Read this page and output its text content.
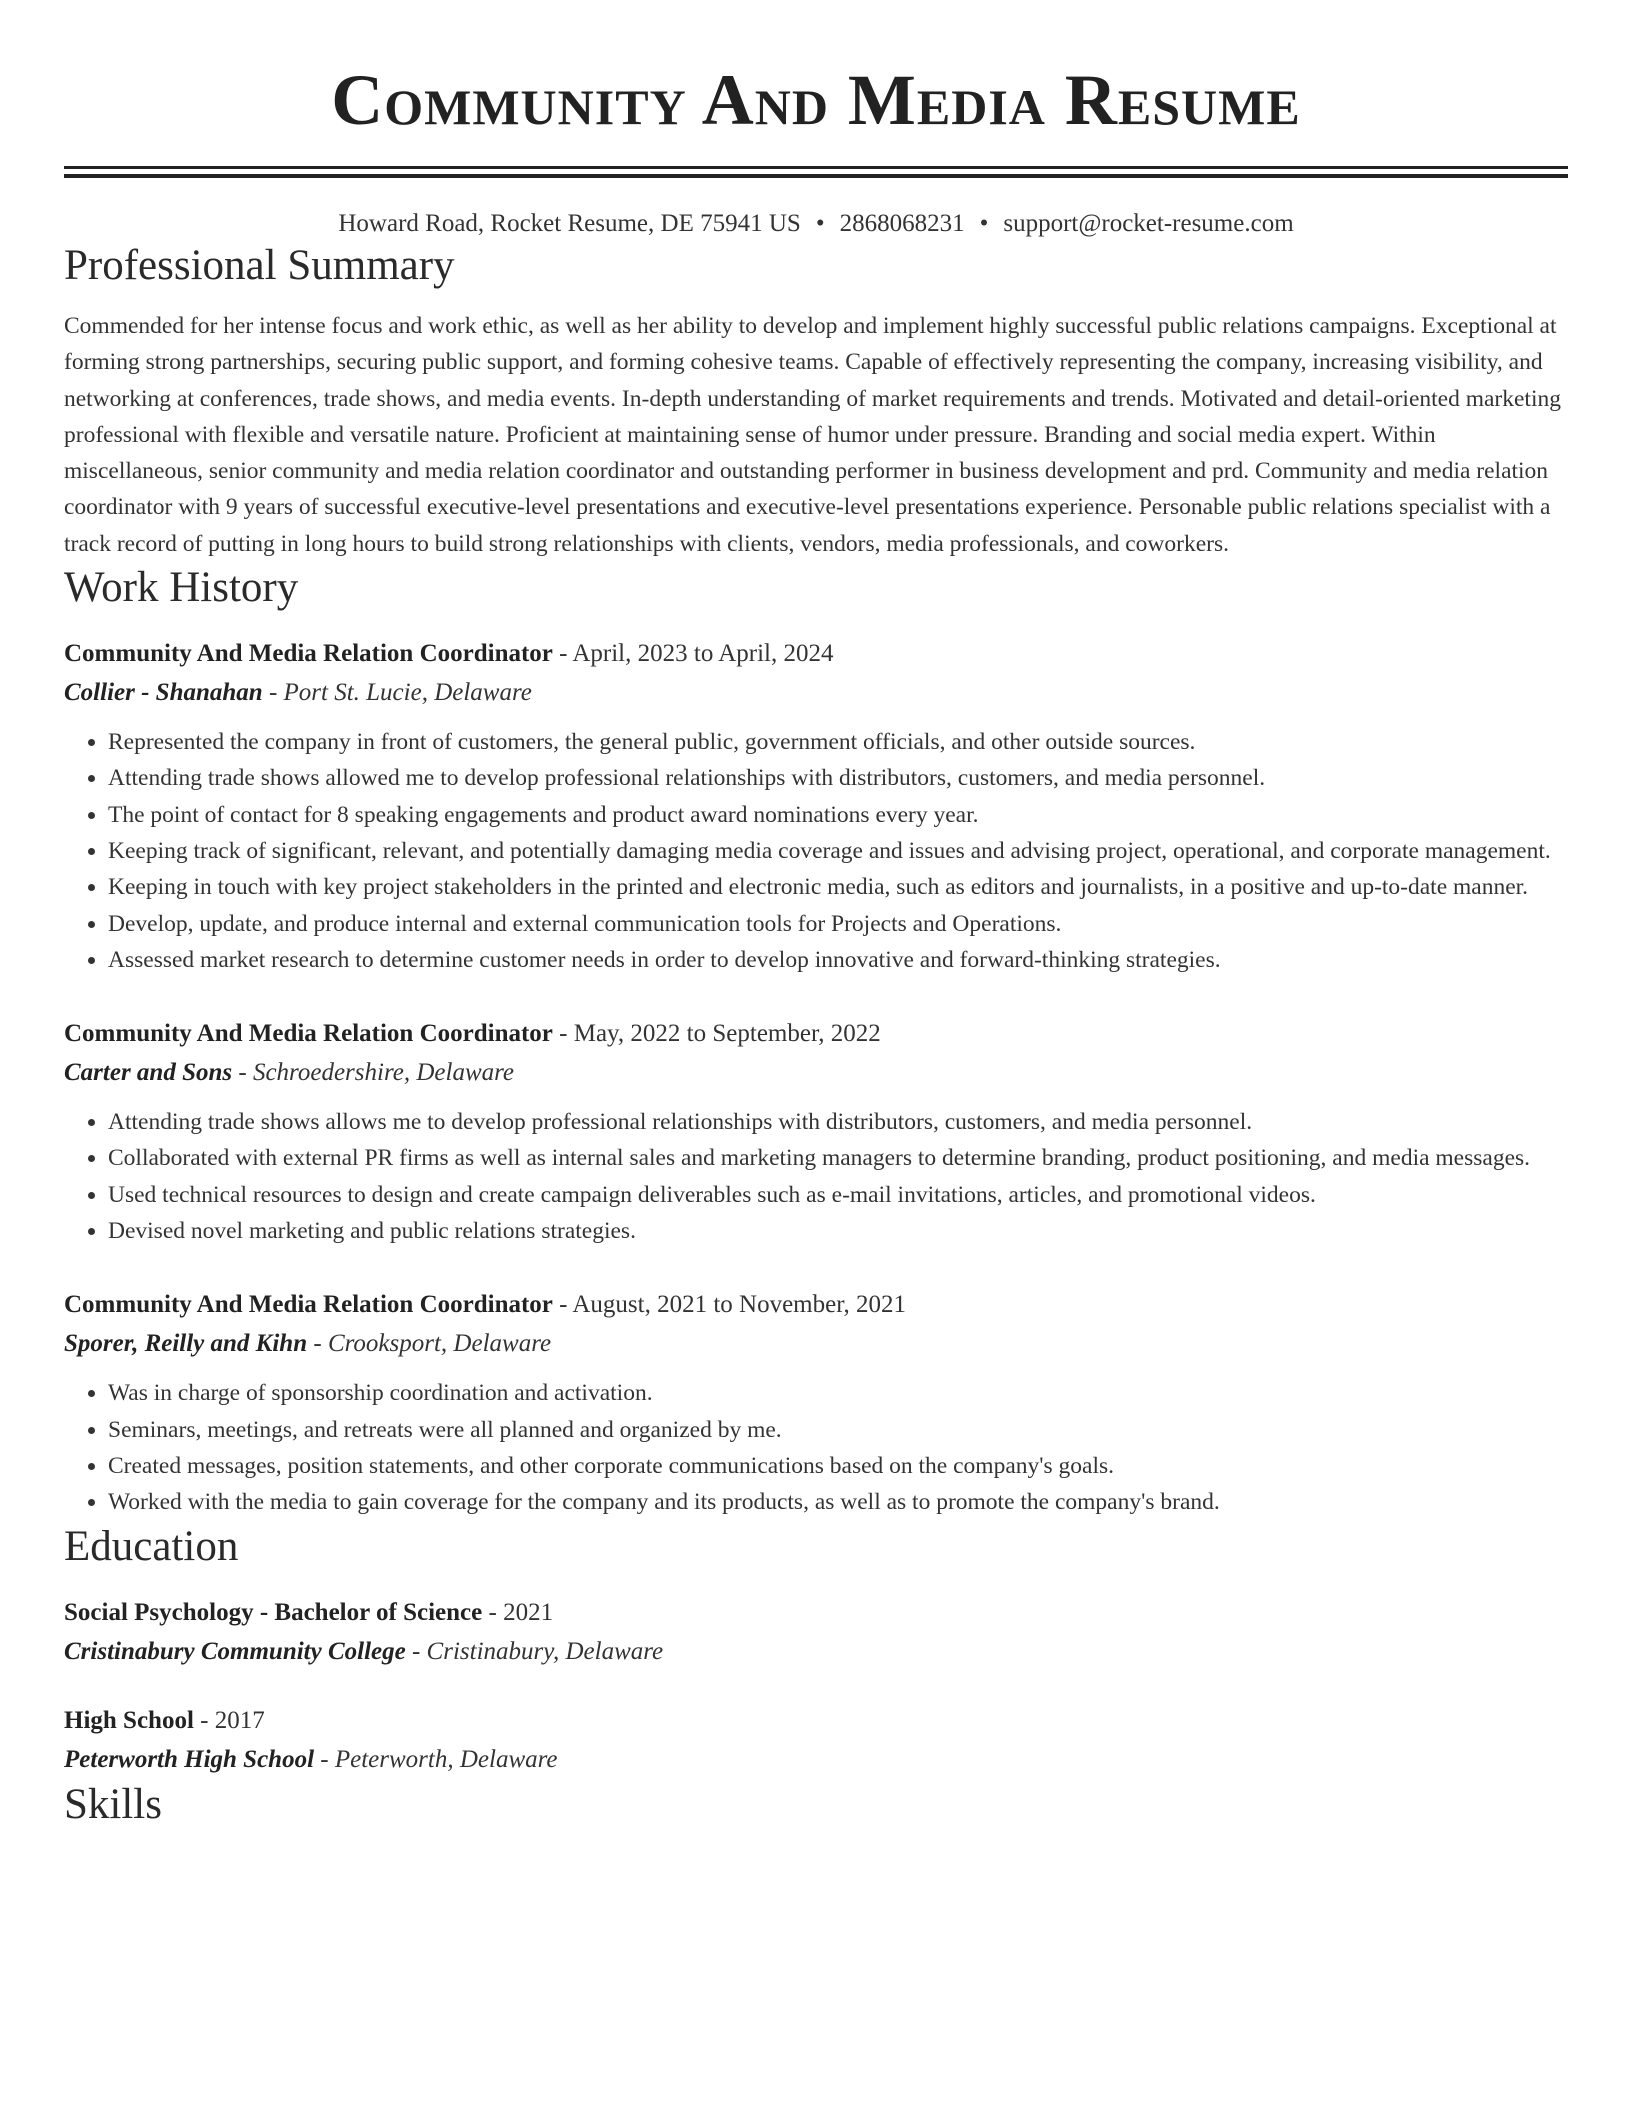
Community And Media Resume
Howard Road, Rocket Resume, DE 75941 US • 2868068231 • support@rocket-resume.com
Professional Summary
Commended for her intense focus and work ethic, as well as her ability to develop and implement highly successful public relations campaigns. Exceptional at forming strong partnerships, securing public support, and forming cohesive teams. Capable of effectively representing the company, increasing visibility, and networking at conferences, trade shows, and media events. In-depth understanding of market requirements and trends. Motivated and detail-oriented marketing professional with flexible and versatile nature. Proficient at maintaining sense of humor under pressure. Branding and social media expert. Within miscellaneous, senior community and media relation coordinator and outstanding performer in business development and prd. Community and media relation coordinator with 9 years of successful executive-level presentations and executive-level presentations experience. Personable public relations specialist with a track record of putting in long hours to build strong relationships with clients, vendors, media professionals, and coworkers.
Work History
Community And Media Relation Coordinator - April, 2023 to April, 2024
Collier - Shanahan - Port St. Lucie, Delaware
• Represented the company in front of customers, the general public, government officials, and other outside sources.
• Attending trade shows allowed me to develop professional relationships with distributors, customers, and media personnel.
• The point of contact for 8 speaking engagements and product award nominations every year.
• Keeping track of significant, relevant, and potentially damaging media coverage and issues and advising project, operational, and corporate management.
• Keeping in touch with key project stakeholders in the printed and electronic media, such as editors and journalists, in a positive and up-to-date manner.
• Develop, update, and produce internal and external communication tools for Projects and Operations.
• Assessed market research to determine customer needs in order to develop innovative and forward-thinking strategies.
Community And Media Relation Coordinator - May, 2022 to September, 2022
Carter and Sons - Schroedershire, Delaware
• Attending trade shows allows me to develop professional relationships with distributors, customers, and media personnel.
• Collaborated with external PR firms as well as internal sales and marketing managers to determine branding, product positioning, and media messages.
• Used technical resources to design and create campaign deliverables such as e-mail invitations, articles, and promotional videos.
• Devised novel marketing and public relations strategies.
Community And Media Relation Coordinator - August, 2021 to November, 2021
Sporer, Reilly and Kihn - Crooksport, Delaware
• Was in charge of sponsorship coordination and activation.
• Seminars, meetings, and retreats were all planned and organized by me.
• Created messages, position statements, and other corporate communications based on the company's goals.
• Worked with the media to gain coverage for the company and its products, as well as to promote the company's brand.
Education
Social Psychology - Bachelor of Science - 2021
Cristinabury Community College - Cristinabury, Delaware
High School - 2017
Peterworth High School - Peterworth, Delaware
Skills
